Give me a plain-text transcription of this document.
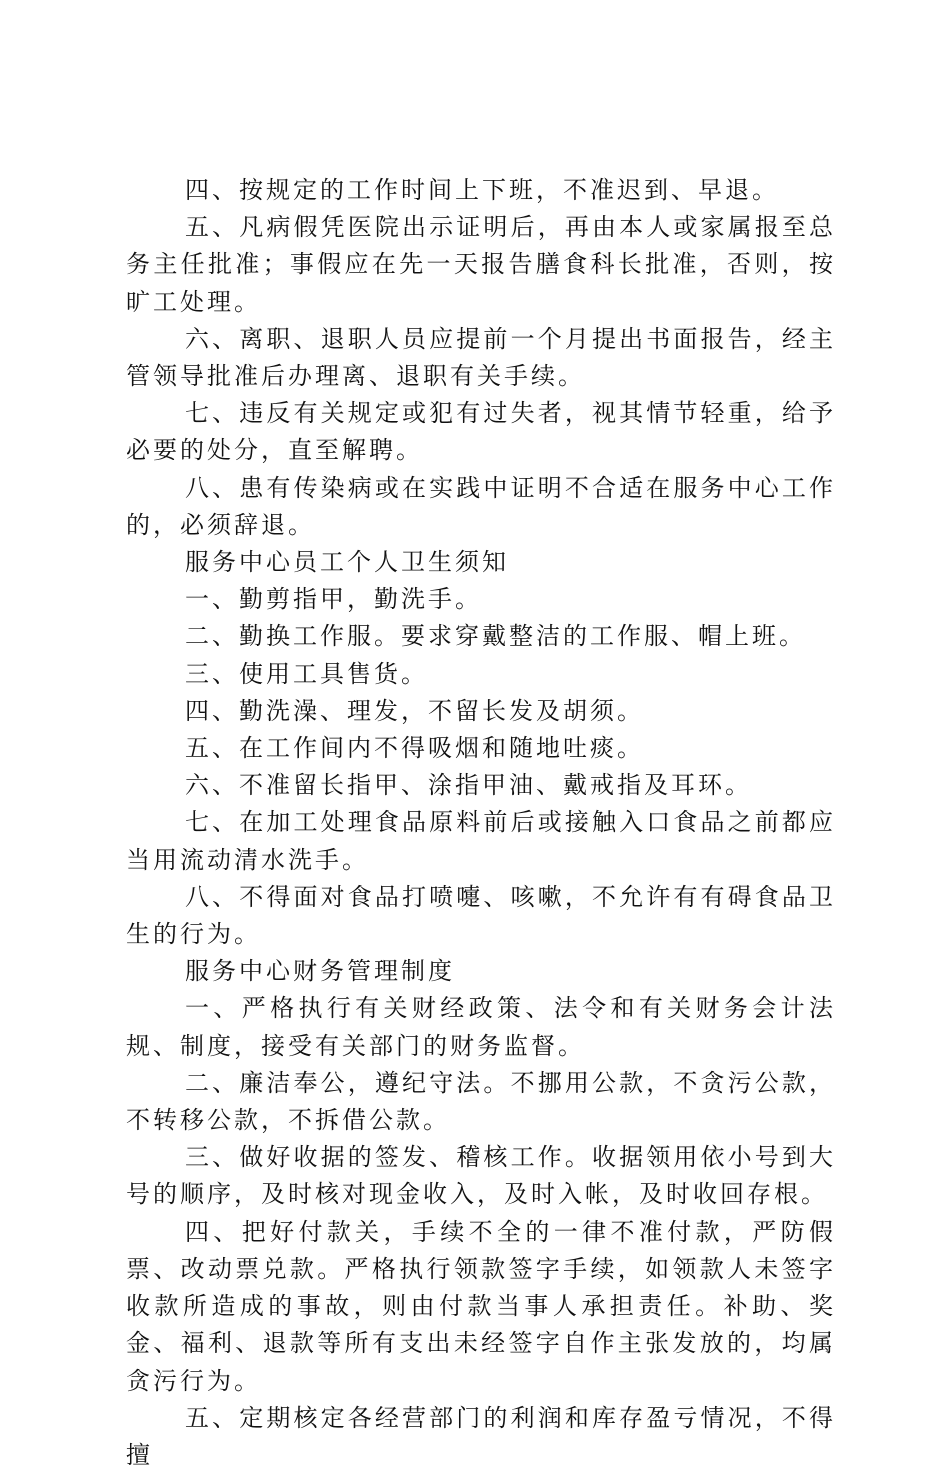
四、按规定的工作时间上下班，不准迟到、早退。

五、凡病假凭医院出示证明后，再由本人或家属报至总务主任批准；事假应在先一天报告膳食科长批准，否则，按旷工处理。

六、离职、退职人员应提前一个月提出书面报告，经主管领导批准后办理离、退职有关手续。

七、违反有关规定或犯有过失者，视其情节轻重，给予必要的处分，直至解聘。

八、患有传染病或在实践中证明不合适在服务中心工作的，必须辞退。

服务中心员工个人卫生须知

一、勤剪指甲，勤洗手。

二、勤换工作服。要求穿戴整洁的工作服、帽上班。

三、使用工具售货。

四、勤洗澡、理发，不留长发及胡须。

五、在工作间内不得吸烟和随地吐痰。

六、不准留长指甲、涂指甲油、戴戒指及耳环。

七、在加工处理食品原料前后或接触入口食品之前都应当用流动清水洗手。

八、不得面对食品打喷嚏、咳嗽，不允许有有碍食品卫生的行为。

服务中心财务管理制度

一、严格执行有关财经政策、法令和有关财务会计法规、制度，接受有关部门的财务监督。

二、廉洁奉公，遵纪守法。不挪用公款，不贪污公款，不转移公款，不拆借公款。

三、做好收据的签发、稽核工作。收据领用依小号到大号的顺序，及时核对现金收入，及时入帐，及时收回存根。

四、把好付款关，手续不全的一律不准付款，严防假票、改动票兑款。严格执行领款签字手续，如领款人未签字收款所造成的事故，则由付款当事人承担责任。补助、奖金、福利、退款等所有支出未经签字自作主张发放的，均属贪污行为。

五、定期核定各经营部门的利润和库存盈亏情况，不得擅
